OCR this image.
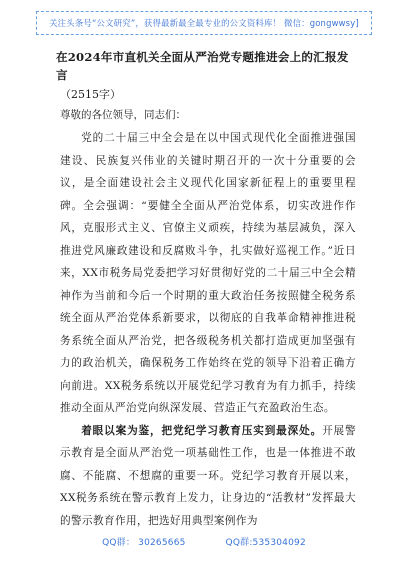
关注头条号“公文研究”，获得最新最全最专业的公文资料库！ 微信：gongwwsy]
在2024年市直机关全面从严治党专题推进会上的汇报发言
（2515字）
尊敬的各位领导，同志们：

党的二十届三中全会是在以中国式现代化全面推进强国建设、民族复兴伟业的关键时期召开的一次十分重要的会议，是全面建设社会主义现代化国家新征程上的重要里程碑。全会强调：“要健全全面从严治党体系，切实改进作作风，克服形式主义、官僚主义顽疾，持续为基层减负，深入推进党风廉政建设和反腐败斗争，扎实做好巡视工作。”近日来，XX市税务局党委把学习好贯彻好党的二十届三中全会精神作为当前和今后一个时期的重大政治任务按照健全税务系统全面从严治党体系新要求，以彻底的自我革命精神推进税务系统全面从严治党，把各级税务机关都打造成更加坚强有力的政治机关，确保税务工作始终在党的领导下沿着正确方向前进。XX税务系统以开展党纪学习教育为有力抓手，持续推动全面从严治党向纵深发展、营造正气充盈政治生态。

着眼以案为鉴，把党纪学习教育压实到最深处。开展警示教育是全面从严治党一项基础性工作，也是一体推进不敢腐、不能腐、不想腐的重要一环。党纪学习教育开展以来，XX税务系统在警示教育上发力，让身边的“活教材”发挥最大的警示教育作用，把选好用典型案例作为

QQ群： 30265665	QQ群:535304092
